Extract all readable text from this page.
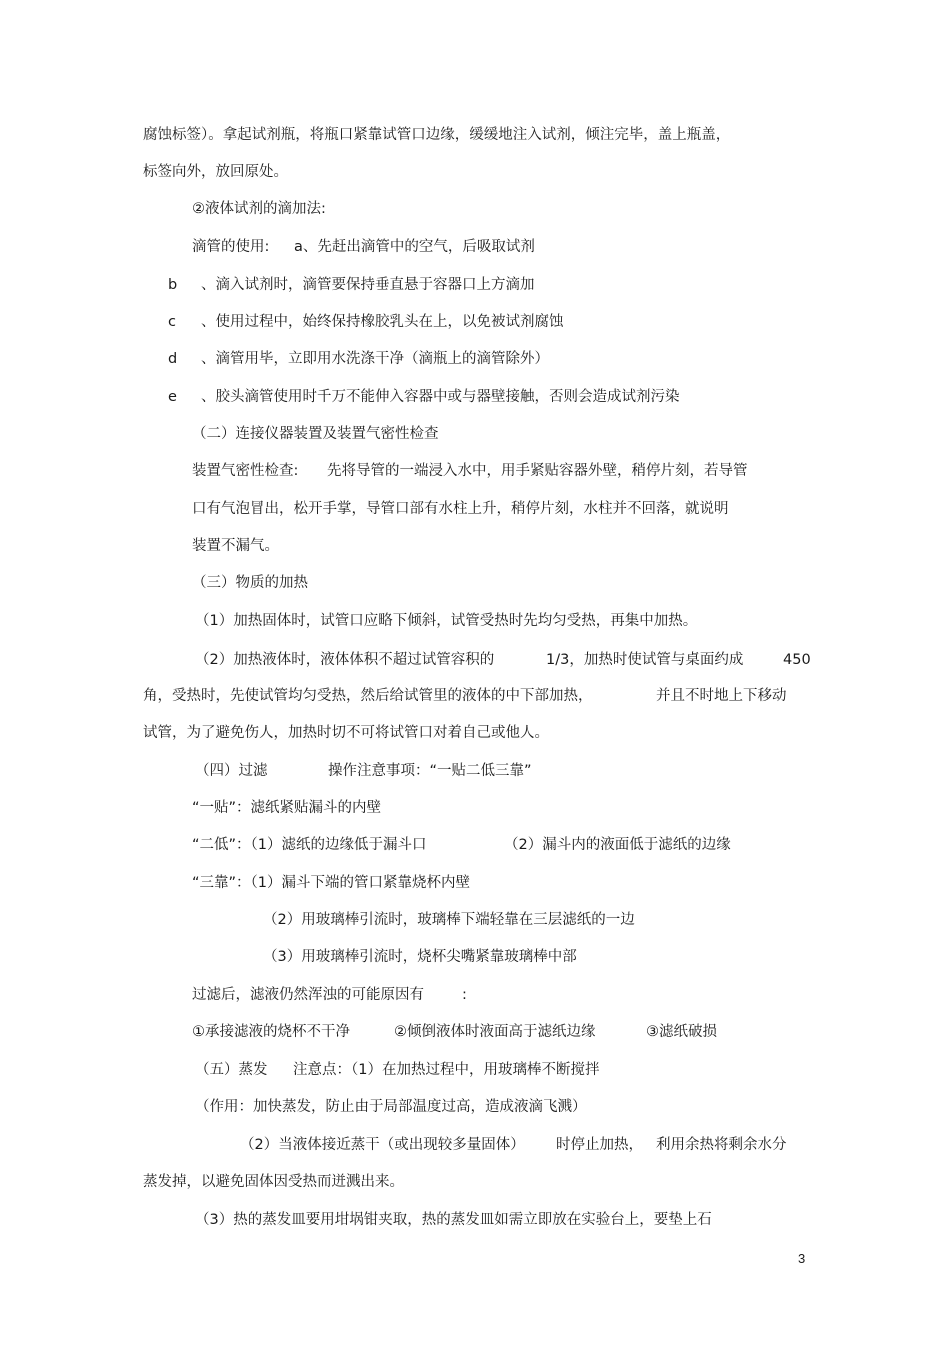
腐蚀标签）。拿起试剂瓶，将瓶口紧靠试管口边缘，缓缓地注入试剂，倾注完毕，盖上瓶盖，
标签向外，放回原处。
②液体试剂的滴加法:
滴管的使用: a、先赶出滴管中的空气，后吸取试剂
b 、滴入试剂时，滴管要保持垂直悬于容器口上方滴加
c 、使用过程中，始终保持橡胶乳头在上，以免被试剂腐蚀
d 、滴管用毕，立即用水洗涤干净（滴瓶上的滴管除外）
e 、胶头滴管使用时千万不能伸入容器中或与器壁接触，否则会造成试剂污染
（二）连接仪器装置及装置气密性检查
装置气密性检查: 先将导管的一端浸入水中，用手紧贴容器外壁，稍停片刻，若导管
口有气泡冒出，松开手掌，导管口部有水柱上升，稍停片刻，水柱并不回落，就说明
装置不漏气。
（三）物质的加热
（1）加热固体时，试管口应略下倾斜，试管受热时先均匀受热，再集中加热。
（2）加热液体时，液体体积不超过试管容积的	1/3，加热时使试管与桌面约成	450
角，受热时，先使试管均匀受热，然后给试管里的液体的中下部加热，	并且不时地上下移动
试管，为了避免伤人，加热时切不可将试管口对着自己或他人。
（四）过滤	操作注意事项：“一贴二低三靠”
“一贴”：滤纸紧贴漏斗的内壁
“二低”：（1）滤纸的边缘低于漏斗口	（2）漏斗内的液面低于滤纸的边缘
“三靠”：（1）漏斗下端的管口紧靠烧杯内壁
（2）用玻璃棒引流时，玻璃棒下端轻靠在三层滤纸的一边
（3）用玻璃棒引流时，烧杯尖嘴紧靠玻璃棒中部
过滤后，滤液仍然浑浊的可能原因有	:
①承接滤液的烧杯不干净	②倾倒液体时液面高于滤纸边缘	③滤纸破损
（五）蒸发 注意点：（1）在加热过程中，用玻璃棒不断搅拌
（作用：加快蒸发，防止由于局部温度过高，造成液滴飞溅）
（2）当液体接近蒸干（或出现较多量固体） 时停止加热， 利用余热将剩余水分
蒸发掉，以避免固体因受热而迸溅出来。
（3）热的蒸发皿要用坩埚钳夹取，热的蒸发皿如需立即放在实验台上，要垫上石
3
